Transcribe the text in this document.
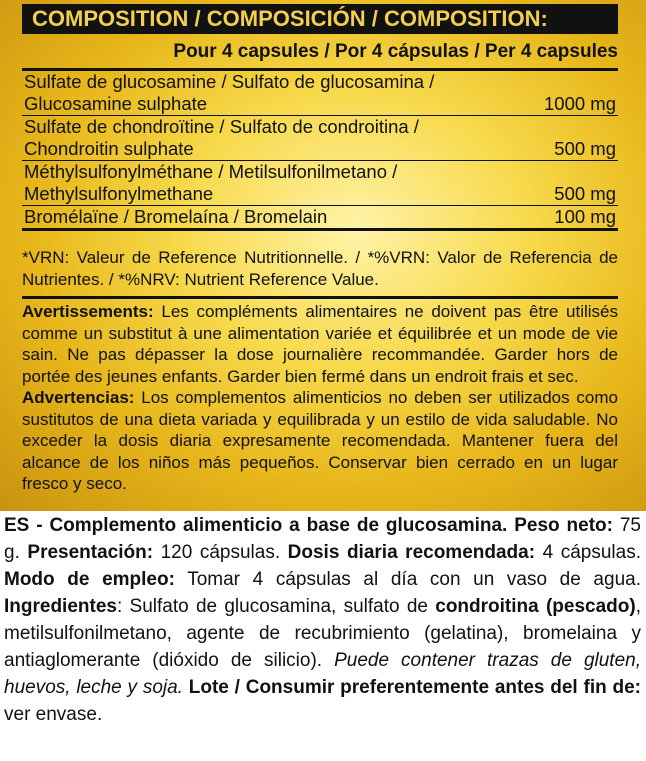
COMPOSITION / COMPOSICIÓN / COMPOSITION:
Pour 4 capsules / Por 4 cápsulas / Per 4 capsules
Sulfate de glucosamine / Sulfato de glucosamina /
Glucosamine sulphate	1000 mg
Sulfate de chondroïtine / Sulfato de condroitina /
Chondroitin sulphate	500 mg
Méthylsulfonylméthane / Metilsulfonilmetano /
Methylsulfonylmethane	500 mg
Bromélaïne / Bromelaína / Bromelain	100 mg
*VRN: Valeur de Reference Nutritionnelle. / *%VRN: Valor de Referencia de Nutrientes. / *%NRV: Nutrient Reference Value.
Avertissements: Les compléments alimentaires ne doivent pas être utilisés comme un substitut à une alimentation variée et équilibrée et un mode de vie sain. Ne pas dépasser la dose journalière recommandée. Garder hors de portée des jeunes enfants. Garder bien fermé dans un endroit frais et sec.
Advertencias: Los complementos alimenticios no deben ser utilizados como sustitutos de una dieta variada y equilibrada y un estilo de vida saludable. No exceder la dosis diaria expresamente recomendada. Mantener fuera del alcance de los niños más pequeños. Conservar bien cerrado en un lugar fresco y seco.
ES - Complemento alimenticio a base de glucosamina. Peso neto: 75 g. Presentación: 120 cápsulas. Dosis diaria recomendada: 4 cápsulas. Modo de empleo: Tomar 4 cápsulas al día con un vaso de agua. Ingredientes: Sulfato de glucosamina, sulfato de condroitina (pescado), metilsulfonilmetano, agente de recubrimiento (gelatina), bromelaina y antiaglomerante (dióxido de silicio). Puede contener trazas de gluten, huevos, leche y soja. Lote / Consumir preferentemente antes del fin de: ver envase.
